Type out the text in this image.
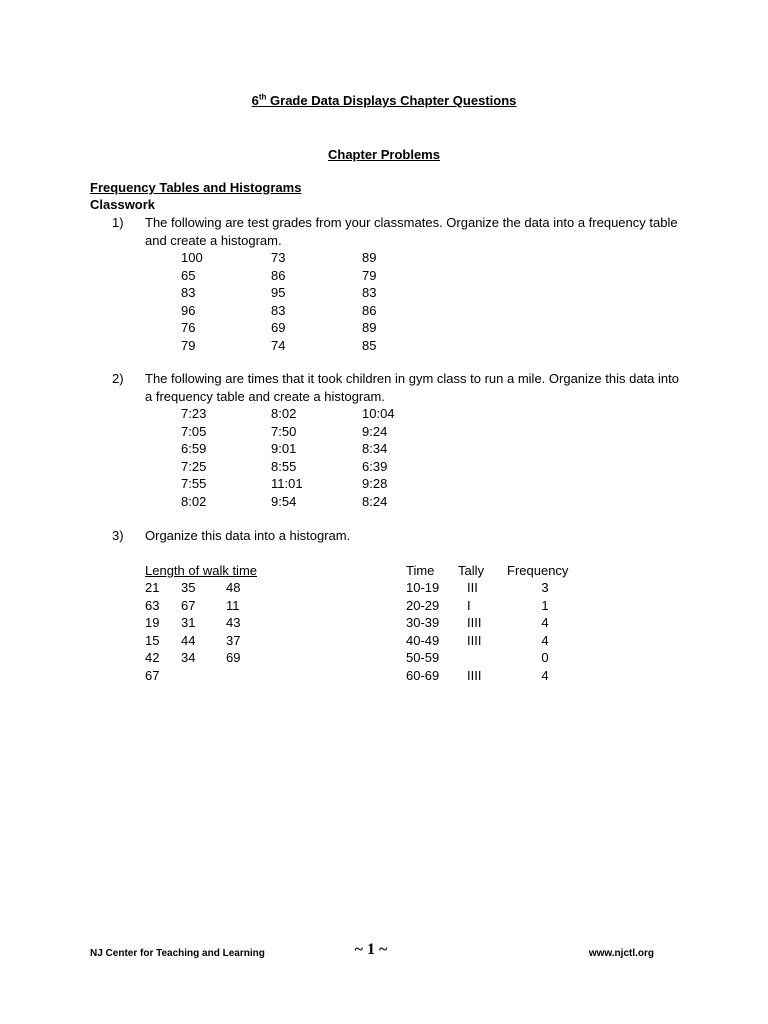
6th Grade Data Displays Chapter Questions
Chapter Problems
Frequency Tables and Histograms
Classwork
1) The following are test grades from your classmates. Organize the data into a frequency table
and create a histogram.
100	73	89
65	86	79
83	95	83
96	83	86
76	69	89
79	74	85
2) The following are times that it took children in gym class to run a mile. Organize this data into
a frequency table and create a histogram.
7:23	8:02	10:04
7:05	7:50	9:24
6:59	9:01	8:34
7:25	8:55	6:39
7:55	11:01	9:28
8:02	9:54	8:24
3) Organize this data into a histogram.
Length of walk time
21 35 48
63 67 11
19 31 43
15 44 37
42 34 69
67
Time Tally Frequency
10-19 III	3
20-29 I	1
30-39 IIII	4
40-49 IIII	4
50-59	0
60-69 IIII	4
NJ Center for Teaching and Learning	~ 1 ~	www.njctl.org
